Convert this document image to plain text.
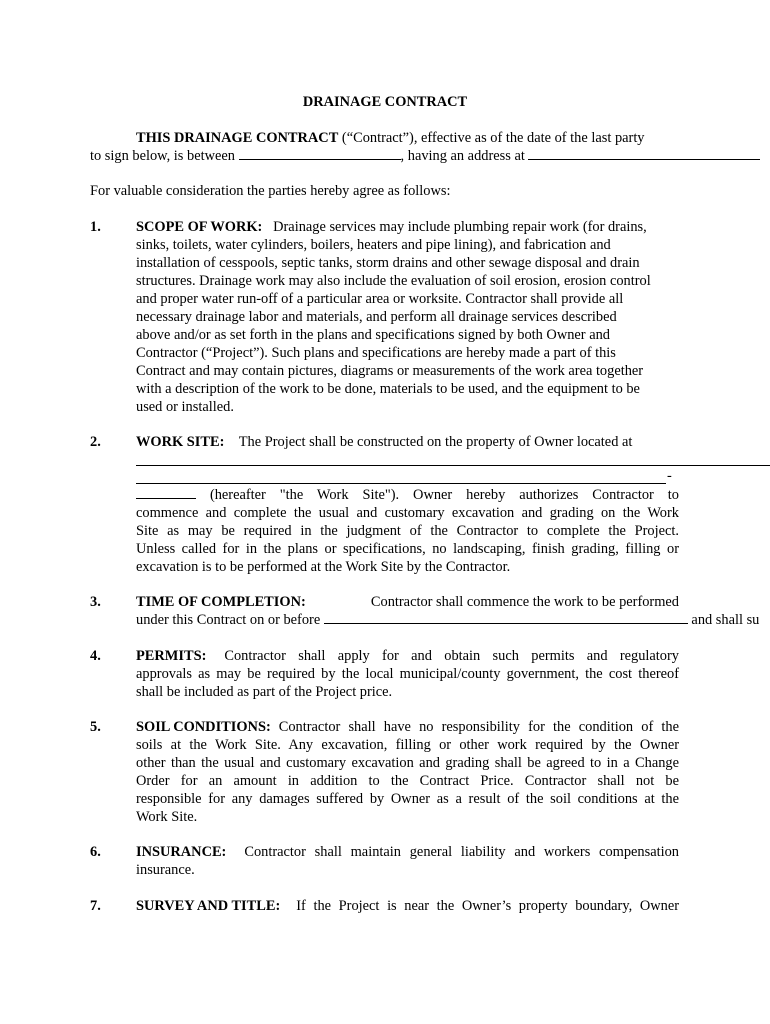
DRAINAGE CONTRACT
THIS DRAINAGE CONTRACT (“Contract”), effective as of the date of the last party
to sign below, is between	, having an address at
For valuable consideration the parties hereby agree as follows:
1. SCOPE OF WORK: Drainage services may include plumbing repair work (for drains,
sinks, toilets, water cylinders, boilers, heaters and pipe lining), and fabrication and
installation of cesspools, septic tanks, storm drains and other sewage disposal and drain
structures. Drainage work may also include the evaluation of soil erosion, erosion control
and proper water run-off of a particular area or worksite. Contractor shall provide all
necessary drainage labor and materials, and perform all drainage services described
above and/or as set forth in the plans and specifications signed by both Owner and
Contractor (“Project”). Such plans and specifications are hereby made a part of this
Contract and may contain pictures, diagrams or measurements of the work area together
with a description of the work to be done, materials to be used, and the equipment to be
used or installed.
2. WORK SITE: The Project shall be constructed on the property of Owner located at
-
(hereafter "the Work Site"). Owner hereby authorizes Contractor to
commence and complete the usual and customary excavation and grading on the Work
Site as may be required in the judgment of the Contractor to complete the Project.
Unless called for in the plans or specifications, no landscaping, finish grading, filling or
excavation is to be performed at the Work Site by the Contractor.
3. TIME OF COMPLETION:	Contractor shall commence the work to be performed
under this Contract on or before	and shall su
4. PERMITS: Contractor shall apply for and obtain such permits and regulatory
approvals as may be required by the local municipal/county government, the cost thereof
shall be included as part of the Project price.
5. SOIL CONDITIONS: Contractor shall have no responsibility for the condition of the
soils at the Work Site. Any excavation, filling or other work required by the Owner
other than the usual and customary excavation and grading shall be agreed to in a Change
Order for an amount in addition to the Contract Price. Contractor shall not be
responsible for any damages suffered by Owner as a result of the soil conditions at the
Work Site.
6. INSURANCE: Contractor shall maintain general liability and workers compensation
insurance.
7. SURVEY AND TITLE: If the Project is near the Owner’s property boundary, Owner
